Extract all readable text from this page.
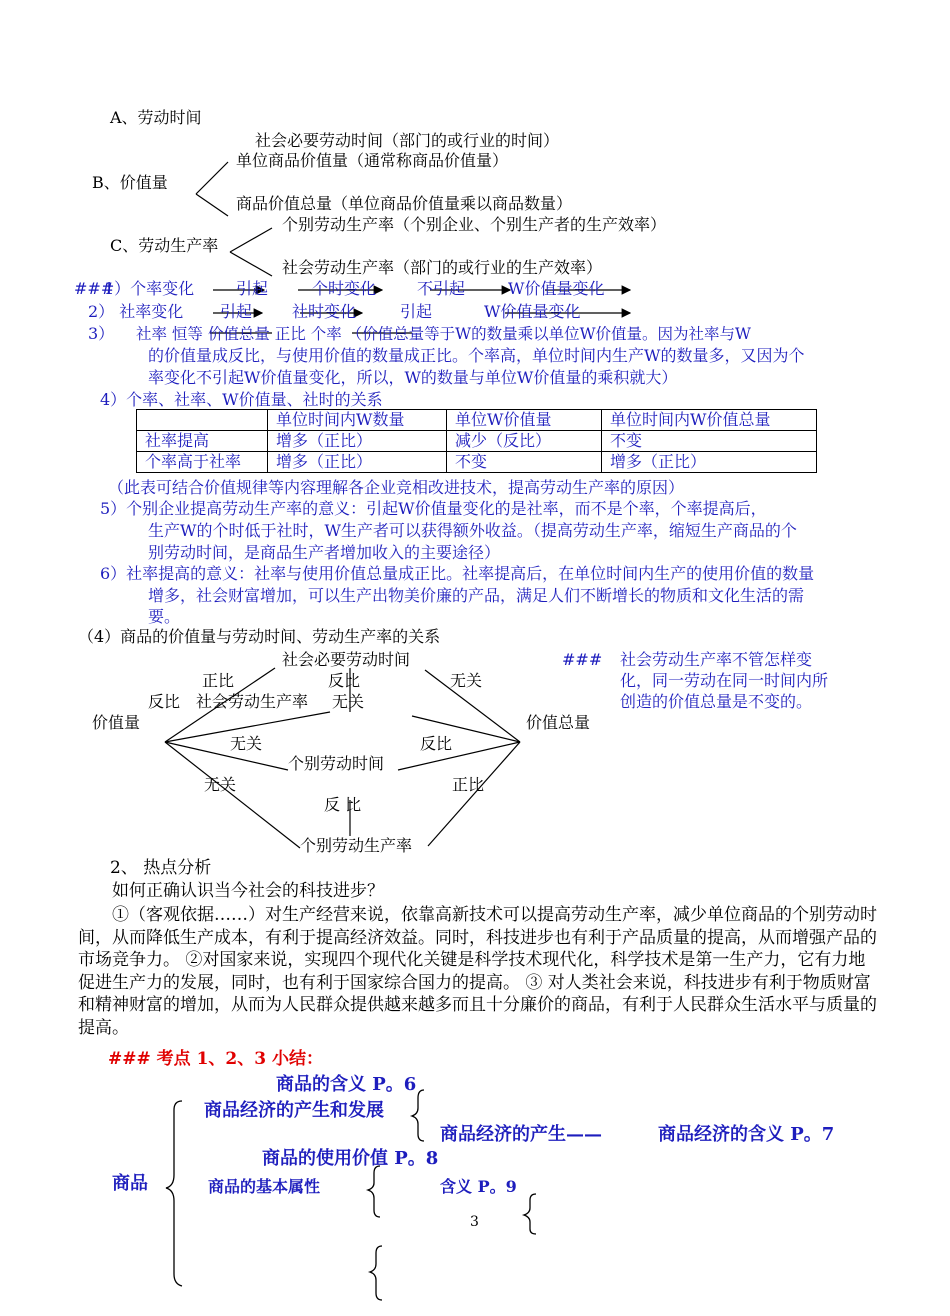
A、劳动时间
社会必要劳动时间（部门的或行业的时间）
单位商品价值量（通常称商品价值量）
B、价值量
商品价值总量（单位商品价值量乘以商品数量）
个别劳动生产率（个别企业、个别生产者的生产效率）
C、劳动生产率
社会劳动生产率（部门的或行业的生产效率）
###
1）个率变化	引起	个时变化	不引起	W价值量变化
2） 社率变化 引起 社时变化	引起	W价值量变化
3） 社率 恒等 价值总量 正比 个率 （价值总量等于W的数量乘以单位W价值量。因为社率与W
的价值量成反比，与使用价值的数量成正比。个率高，单位时间内生产W的数量多，又因为个
率变化不引起W价值量变化，所以，W的数量与单位W价值量的乘积就大）
4）个率、社率、W价值量、社时的关系
	单位时间内W数量	单位W价值量	单位时间内W价值总量
社率提高	增多（正比）	减少（反比）	不变
个率高于社率	增多（正比）	不变	增多（正比）
（此表可结合价值规律等内容理解各企业竞相改进技术，提高劳动生产率的原因）
5）个别企业提高劳动生产率的意义：引起W价值量变化的是社率，而不是个率，个率提高后，
生产W的个时低于社时，W生产者可以获得额外收益。（提高劳动生产率，缩短生产商品的个
别劳动时间，是商品生产者增加收入的主要途径）
6）社率提高的意义：社率与使用价值总量成正比。社率提高后，在单位时间内生产的使用价值的数量
增多，社会财富增加，可以生产出物美价廉的产品，满足人们不断增长的物质和文化生活的需
要。
（4）商品的价值量与劳动时间、劳动生产率的关系
社会必要劳动时间
正比	反比	无关
反比 社会劳动生产率 无关
价值量	价值总量
无关	反比
个别劳动时间
无关	正比
反 比
个别劳动生产率
### 社会劳动生产率不管怎样变
化，同一劳动在同一时间内所
创造的价值总量是不变的。
2、 热点分析
如何正确认识当今社会的科技进步？
①（客观依据……）对生产经营来说，依靠高新技术可以提高劳动生产率，减少单位商品的个别劳动时间，从而降低生产成本，有利于提高经济效益。同时，科技进步也有利于产品质量的提高，从而增强产品的市场竞争力。 ②对国家来说，实现四个现代化关键是科学技术现代化，科学技术是第一生产力，它有力地促进生产力的发展，同时，也有利于国家综合国力的提高。 ③ 对人类社会来说，科技进步有利于物质财富和精神财富的增加，从而为人民群众提供越来越多而且十分廉价的商品，有利于人民群众生活水平与质量的提高。
### 考点 1、2、3 小结：
商品的含义 P。6
商品经济的产生和发展
商品经济的产生——	商品经济的含义 P。7
商品的使用价值 P。8
商品	商品的基本属性	含义 P。9
3
